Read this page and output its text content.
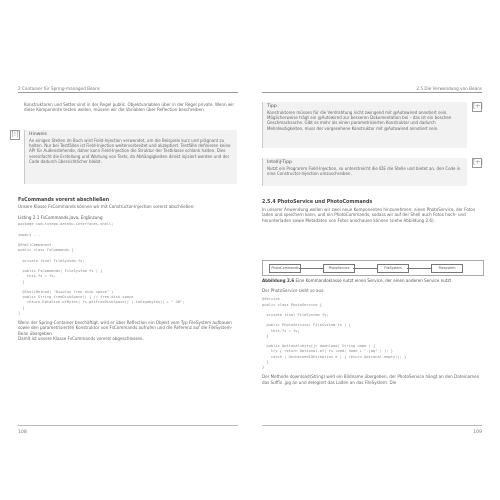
2 Container für Spring-managed Beans

Konstruktoren und Setter sind in der Regel public. Objektvariablen über in der Regel private. Wenn wir diese Komponente testen wollen, müssen wir die Variablen über Reflection beschreiben.

[!]	Hinweis
An einigen Stellen im Buch wird Field-Injection verwendet, um die Beispiele kurz und prägnant zu halten. Nur bei Testfällen ist Field-Injection weiterverbreitet und akzeptiert. Testfälle definieren keine API für Außenstehende, daher kann Field-Injection die Struktur der Testklasse schlank halten. Dies vereinfacht die Erstellung und Wartung von Tests, da Abhängigkeiten direkt injiziert werden und der Code dadurch übersichtlicher bleibt.
FsCommands vorerst abschließen

Unsere Klasse FsCommands können wir mit Constructor-Injection vorerst abschließen:

Listing 2.1 FsCommands.java, Ergänzung
package com.tutego.date4u.interfaces.shell;

import ...

@ShellComponent
public class FsCommands {

private final FileSystem fs;

public FsCommands( FileSystem fs ) {
this.fs = fs;
}

@ShellMethod( "Display free disk space" )
public String freeDiskSpace() { // free-disk-space
return DataSize.ofBytes( fs.getFreeDiskSpace() ).toGigabytes() + " GB";
}
}

Wenn der Spring-Container beschäftigt, wird er über Reflection ein Objekt vom Typ FileSystem aufbauen sowie den parametrisierten Konstruktor von FsCommands aufrufen und die Referenz auf die FileSystem-Bean übergeben.

Damit ist unsere Klasse FsCommands vorerst abgeschlossen.

108
2.5 Die Verwendung von Beans
Tipp
Konstruktoren müssen für die Verdrahtung nicht zwingend mit @Autowired annotiert sein. Möglicherweise trägt ein @Autowired zur besseren Dokumentation bei – das ist ein boschen Geschmacksache. Gibt es mehr als einen parametrisierten Konstruktor und dadurch Mehrdeutigkeiten, muss der vorgesehene Konstruktor mit @Autowired annotiert sein.
[+]
IntelliJ-Tipp
Nutzt ein Programm Field-Injection, so unterstreicht die IDE die Stelle und bietet an, den Code in eine Constructor-Injection umzuschreiben.
[+]
2.5.4 PhotoService und PhotoCommands

In unserer Anwendung wollen wir zwei neue Komponenten hinzunehmen: einen PhotoService, der Fotos laden und speichern kann, und ein PhotoCommands, sodass wir auf der Shell auch Fotos hoch- und herunterladen sowie Metadaten von Fotos anschauen können (siehe Abbildung 2.6).

PhotoCommands	PhotoService	FileSystem	Filesystem
Abbildung 2.6 Eine Kommandoklasse nutzt einen Service, der einen anderen Service nutzt

Der PhotoService sieht so aus:

@Service
public class PhotoService {

private final FileSystem fs;

public PhotoService( FileSystem fs ) {
this.fs = fs;
}

public Optional<byte[]> download( String name ) {
try { return Optional.of( fs.load( name + ".jpg" ) ); }
catch ( UncheckedIOException e ) { return Optional.empty(); }
}
}

Der Methode download(String) wird ein Bildname übergeben, der PhotoService hängt an den Dateinamen das Suffix .jpg an und delegiert das Laden an das FileSystem. Die

109
